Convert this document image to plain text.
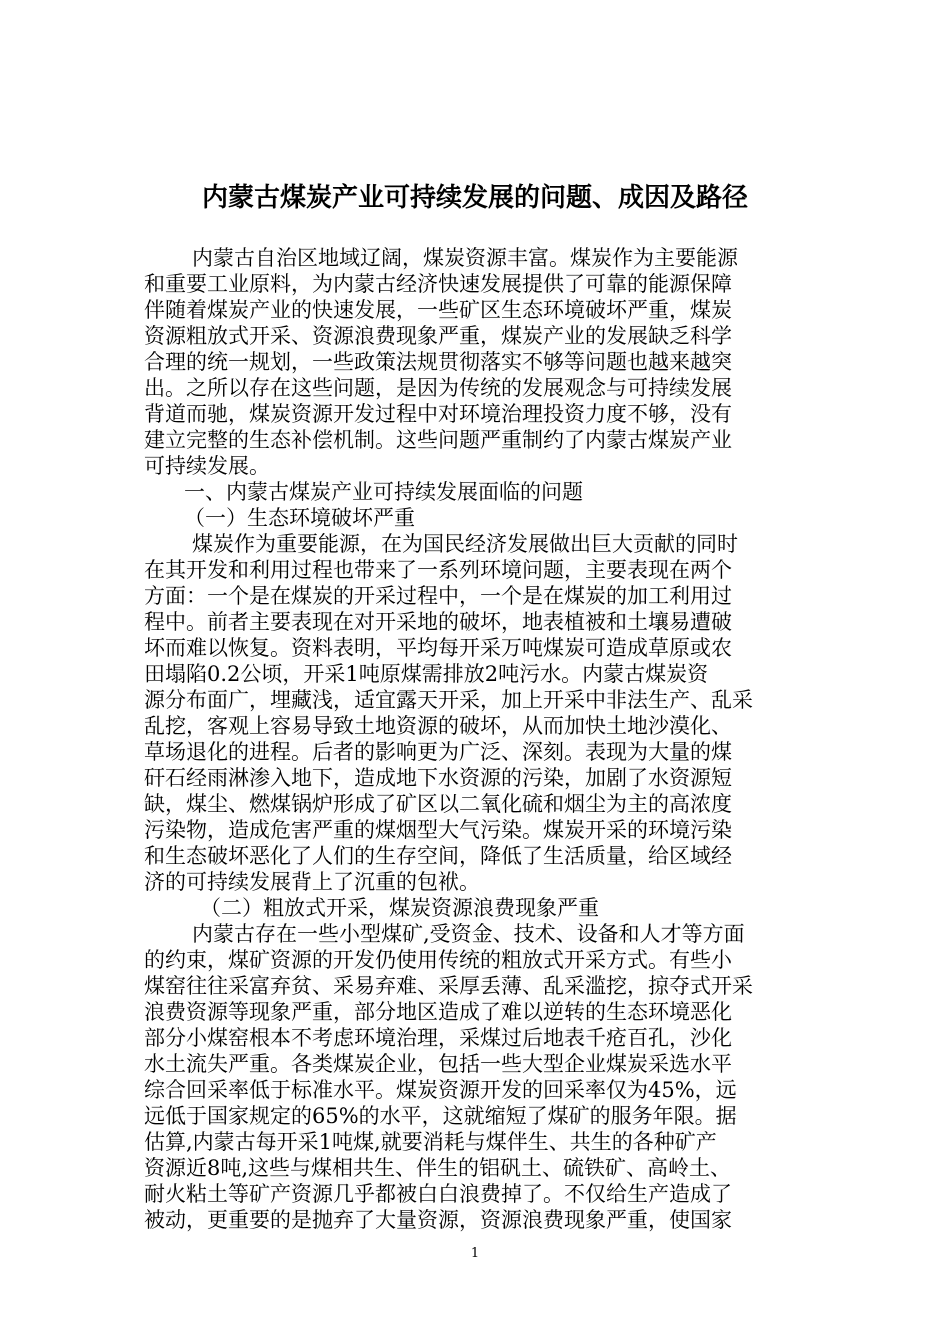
内蒙古煤炭产业可持续发展的问题、成因及路径
内蒙古自治区地域辽阔，煤炭资源丰富。煤炭作为主要能源
和重要工业原料，为内蒙古经济快速发展提供了可靠的能源保障
伴随着煤炭产业的快速发展，一些矿区生态环境破坏严重，煤炭
资源粗放式开采、资源浪费现象严重，煤炭产业的发展缺乏科学
合理的统一规划，一些政策法规贯彻落实不够等问题也越来越突
出。之所以存在这些问题，是因为传统的发展观念与可持续发展
背道而驰，煤炭资源开发过程中对环境治理投资力度不够，没有
建立完整的生态补偿机制。这些问题严重制约了内蒙古煤炭产业
可持续发展。
一、内蒙古煤炭产业可持续发展面临的问题
（一）生态环境破坏严重
煤炭作为重要能源，在为国民经济发展做出巨大贡献的同时
在其开发和利用过程也带来了一系列环境问题，主要表现在两个
方面：一个是在煤炭的开采过程中，一个是在煤炭的加工利用过
程中。前者主要表现在对开采地的破坏，地表植被和土壤易遭破
坏而难以恢复。资料表明，平均每开采万吨煤炭可造成草原或农
田塌陷0.2公顷，开采1吨原煤需排放2吨污水。内蒙古煤炭资
源分布面广，埋藏浅，适宜露天开采，加上开采中非法生产、乱采
乱挖，客观上容易导致土地资源的破坏，从而加快土地沙漠化、
草场退化的进程。后者的影响更为广泛、深刻。表现为大量的煤
矸石经雨淋渗入地下，造成地下水资源的污染，加剧了水资源短
缺，煤尘、燃煤锅炉形成了矿区以二氧化硫和烟尘为主的高浓度
污染物，造成危害严重的煤烟型大气污染。煤炭开采的环境污染
和生态破坏恶化了人们的生存空间，降低了生活质量，给区域经
济的可持续发展背上了沉重的包袱。
（二）粗放式开采，煤炭资源浪费现象严重
内蒙古存在一些小型煤矿,受资金、技术、设备和人才等方面
的约束，煤矿资源的开发仍使用传统的粗放式开采方式。有些小
煤窑往往采富弃贫、采易弃难、采厚丢薄、乱采滥挖，掠夺式开采
浪费资源等现象严重，部分地区造成了难以逆转的生态环境恶化
部分小煤窑根本不考虑环境治理，采煤过后地表千疮百孔，沙化
水土流失严重。各类煤炭企业，包括一些大型企业煤炭采选水平
综合回采率低于标准水平。煤炭资源开发的回采率仅为45%，远
远低于国家规定的65%的水平，这就缩短了煤矿的服务年限。据
估算,内蒙古每开采1吨煤,就要消耗与煤伴生、共生的各种矿产
资源近8吨,这些与煤相共生、伴生的铝矾土、硫铁矿、高岭土、
耐火粘土等矿产资源几乎都被白白浪费掉了。不仅给生产造成了
被动，更重要的是抛弃了大量资源，资源浪费现象严重，使国家
1
